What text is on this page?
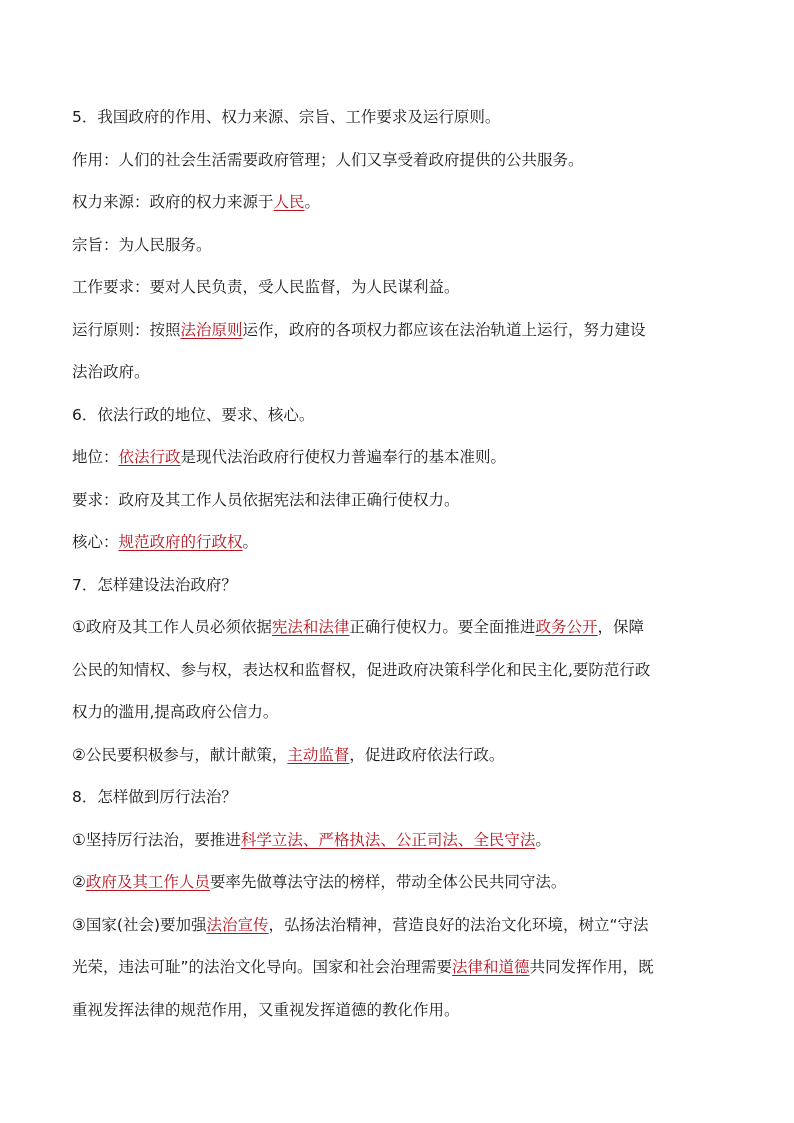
5．我国政府的作用、权力来源、宗旨、工作要求及运行原则。
作用：人们的社会生活需要政府管理；人们又享受着政府提供的公共服务。
权力来源：政府的权力来源于人民。
宗旨：为人民服务。
工作要求：要对人民负责，受人民监督，为人民谋利益。
运行原则：按照法治原则运作，政府的各项权力都应该在法治轨道上运行，努力建设
法治政府。
6．依法行政的地位、要求、核心。
地位：依法行政是现代法治政府行使权力普遍奉行的基本准则。
要求：政府及其工作人员依据宪法和法律正确行使权力。
核心：规范政府的行政权。
7．怎样建设法治政府？
①政府及其工作人员必须依据宪法和法律正确行使权力。要全面推进政务公开，保障
公民的知情权、参与权，表达权和监督权，促进政府决策科学化和民主化,要防范行政
权力的滥用,提高政府公信力。
②公民要积极参与，献计献策，主动监督，促进政府依法行政。
8．怎样做到厉行法治？
①坚持厉行法治，要推进科学立法、严格执法、公正司法、全民守法。
②政府及其工作人员要率先做尊法守法的榜样，带动全体公民共同守法。
③国家(社会)要加强法治宣传，弘扬法治精神，营造良好的法治文化环境，树立“守法
光荣，违法可耻”的法治文化导向。国家和社会治理需要法律和道德共同发挥作用，既
重视发挥法律的规范作用，又重视发挥道德的教化作用。
